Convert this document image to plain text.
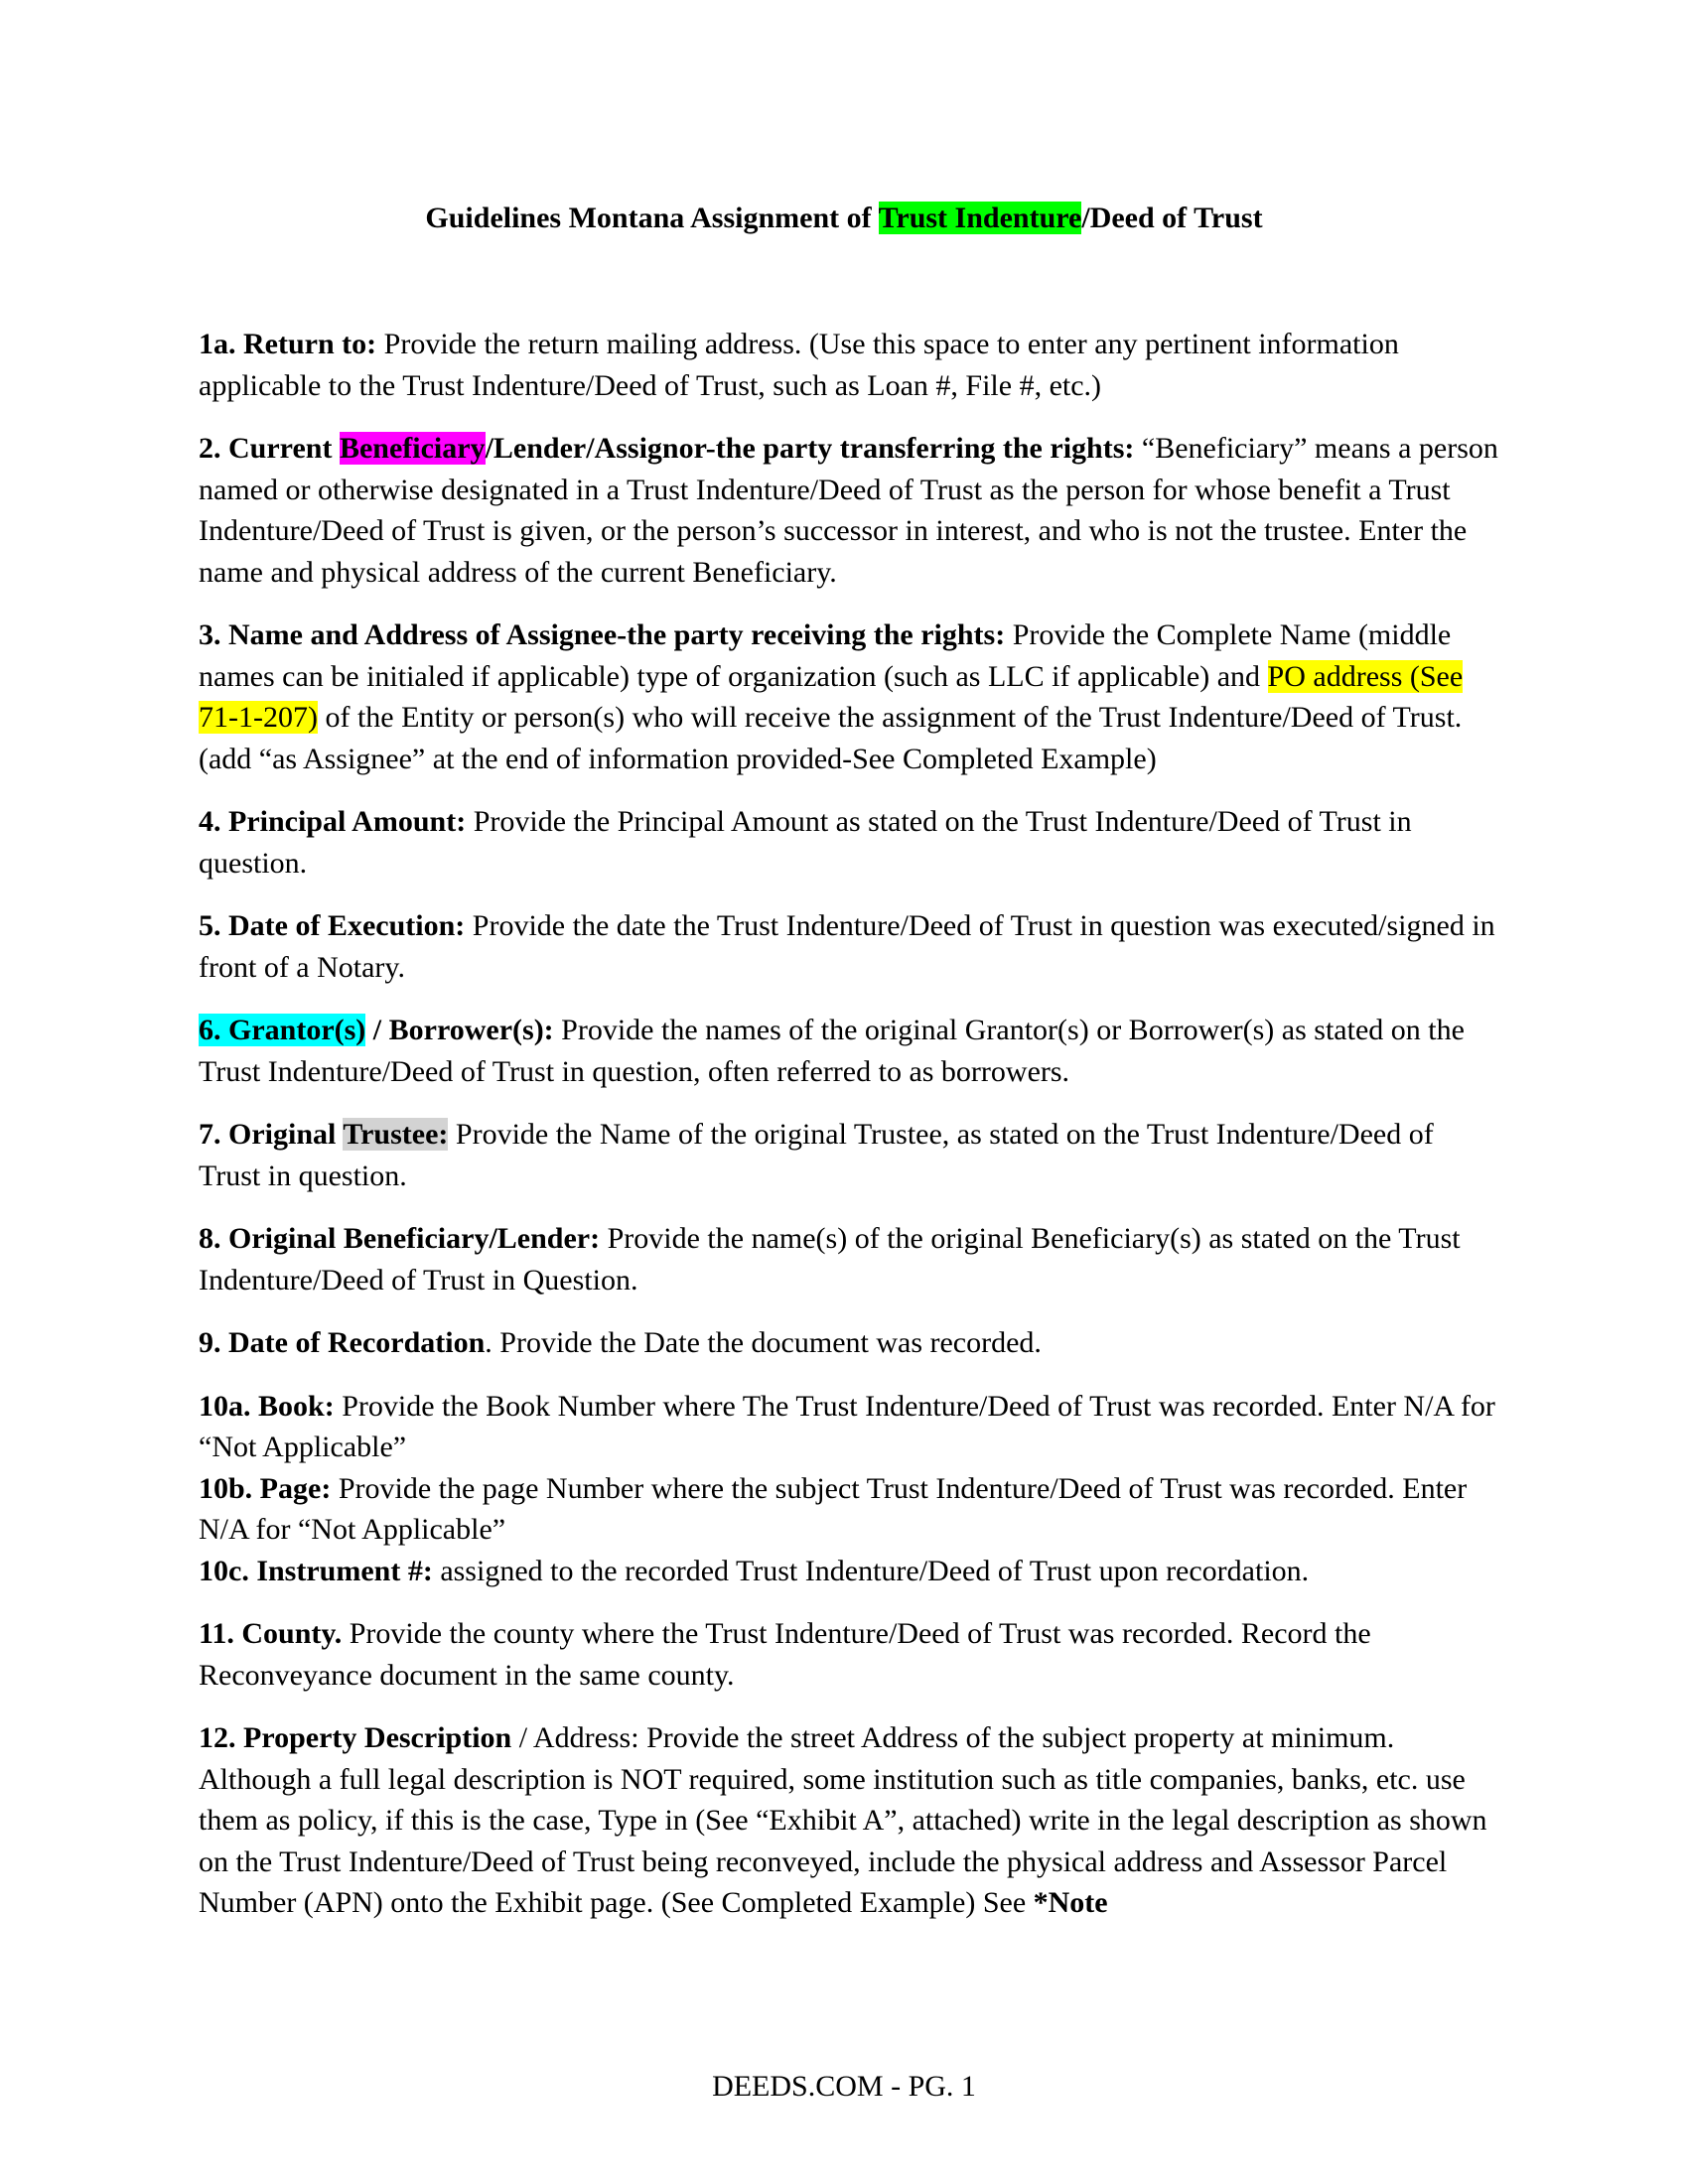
Guidelines Montana Assignment of Trust Indenture/Deed of Trust

1a. Return to: Provide the return mailing address. (Use this space to enter any pertinent information applicable to the Trust Indenture/Deed of Trust, such as Loan #, File #, etc.)

2. Current Beneficiary/Lender/Assignor-the party transferring the rights: “Beneficiary” means a person named or otherwise designated in a Trust Indenture/Deed of Trust as the person for whose benefit a Trust Indenture/Deed of Trust is given, or the person’s successor in interest, and who is not the trustee. Enter the name and physical address of the current Beneficiary.

3. Name and Address of Assignee-the party receiving the rights: Provide the Complete Name (middle names can be initialed if applicable) type of organization (such as LLC if applicable) and PO address (See 71-1-207) of the Entity or person(s) who will receive the assignment of the Trust Indenture/Deed of Trust. (add “as Assignee” at the end of information provided-See Completed Example)

4. Principal Amount: Provide the Principal Amount as stated on the Trust Indenture/Deed of Trust in question.

5. Date of Execution: Provide the date the Trust Indenture/Deed of Trust in question was executed/signed in front of a Notary.

6. Grantor(s) / Borrower(s): Provide the names of the original Grantor(s) or Borrower(s) as stated on the Trust Indenture/Deed of Trust in question, often referred to as borrowers.

7. Original Trustee: Provide the Name of the original Trustee, as stated on the Trust Indenture/Deed of Trust in question.

8. Original Beneficiary/Lender: Provide the name(s) of the original Beneficiary(s) as stated on the Trust Indenture/Deed of Trust in Question.

9. Date of Recordation. Provide the Date the document was recorded.

10a. Book: Provide the Book Number where The Trust Indenture/Deed of Trust was recorded. Enter N/A for “Not Applicable”

10b. Page: Provide the page Number where the subject Trust Indenture/Deed of Trust was recorded. Enter N/A for “Not Applicable”

10c. Instrument #: assigned to the recorded Trust Indenture/Deed of Trust upon recordation.

11. County. Provide the county where the Trust Indenture/Deed of Trust was recorded. Record the Reconveyance document in the same county.

12. Property Description / Address: Provide the street Address of the subject property at minimum. Although a full legal description is NOT required, some institution such as title companies, banks, etc. use them as policy, if this is the case, Type in (See “Exhibit A”, attached) write in the legal description as shown on the Trust Indenture/Deed of Trust being reconveyed, include the physical address and Assessor Parcel Number (APN) onto the Exhibit page. (See Completed Example) See *Note

DEEDS.COM - PG. 1
